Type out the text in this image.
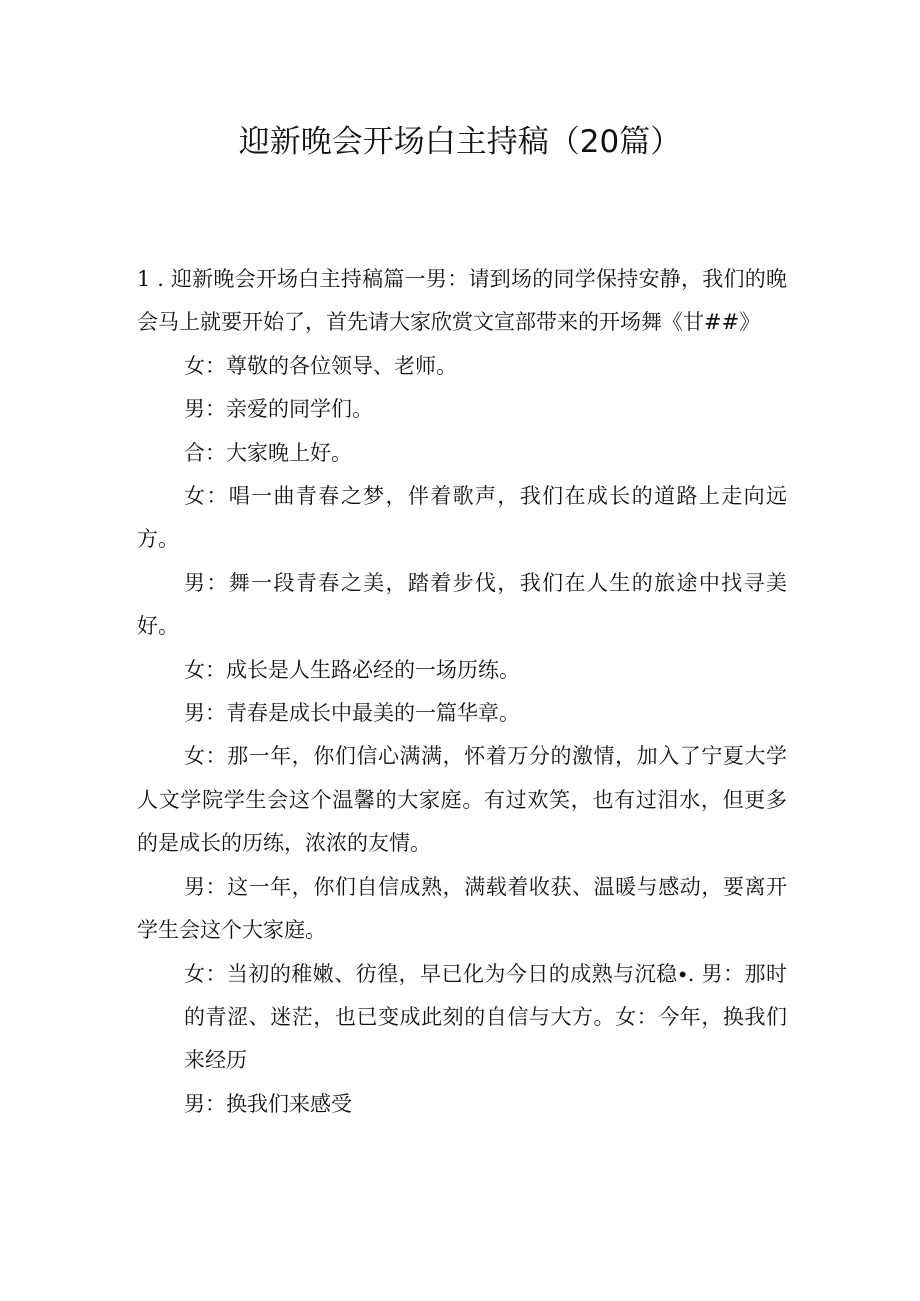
迎新晚会开场白主持稿（20篇）

1 . 迎新晚会开场白主持稿篇一男：请到场的同学保持安静，我们的晚会马上就要开始了，首先请大家欣赏文宣部带来的开场舞《甘##》

女：尊敬的各位领导、老师。

男：亲爱的同学们。

合：大家晚上好。

女：唱一曲青春之梦，伴着歌声，我们在成长的道路上走向远方。

男：舞一段青春之美，踏着步伐，我们在人生的旅途中找寻美好。

女：成长是人生路必经的一场历练。

男：青春是成长中最美的一篇华章。

女：那一年，你们信心满满，怀着万分的激情，加入了宁夏大学人文学院学生会这个温馨的大家庭。有过欢笑，也有过泪水，但更多的是成长的历练，浓浓的友情。

男：这一年，你们自信成熟，满载着收获、温暖与感动，要离开学生会这个大家庭。

女：当初的稚嫩、彷徨，早已化为今日的成熟与沉稳∙. 男：那时的青涩、迷茫，也已变成此刻的自信与大方。女：今年，换我们来经历

男：换我们来感受
